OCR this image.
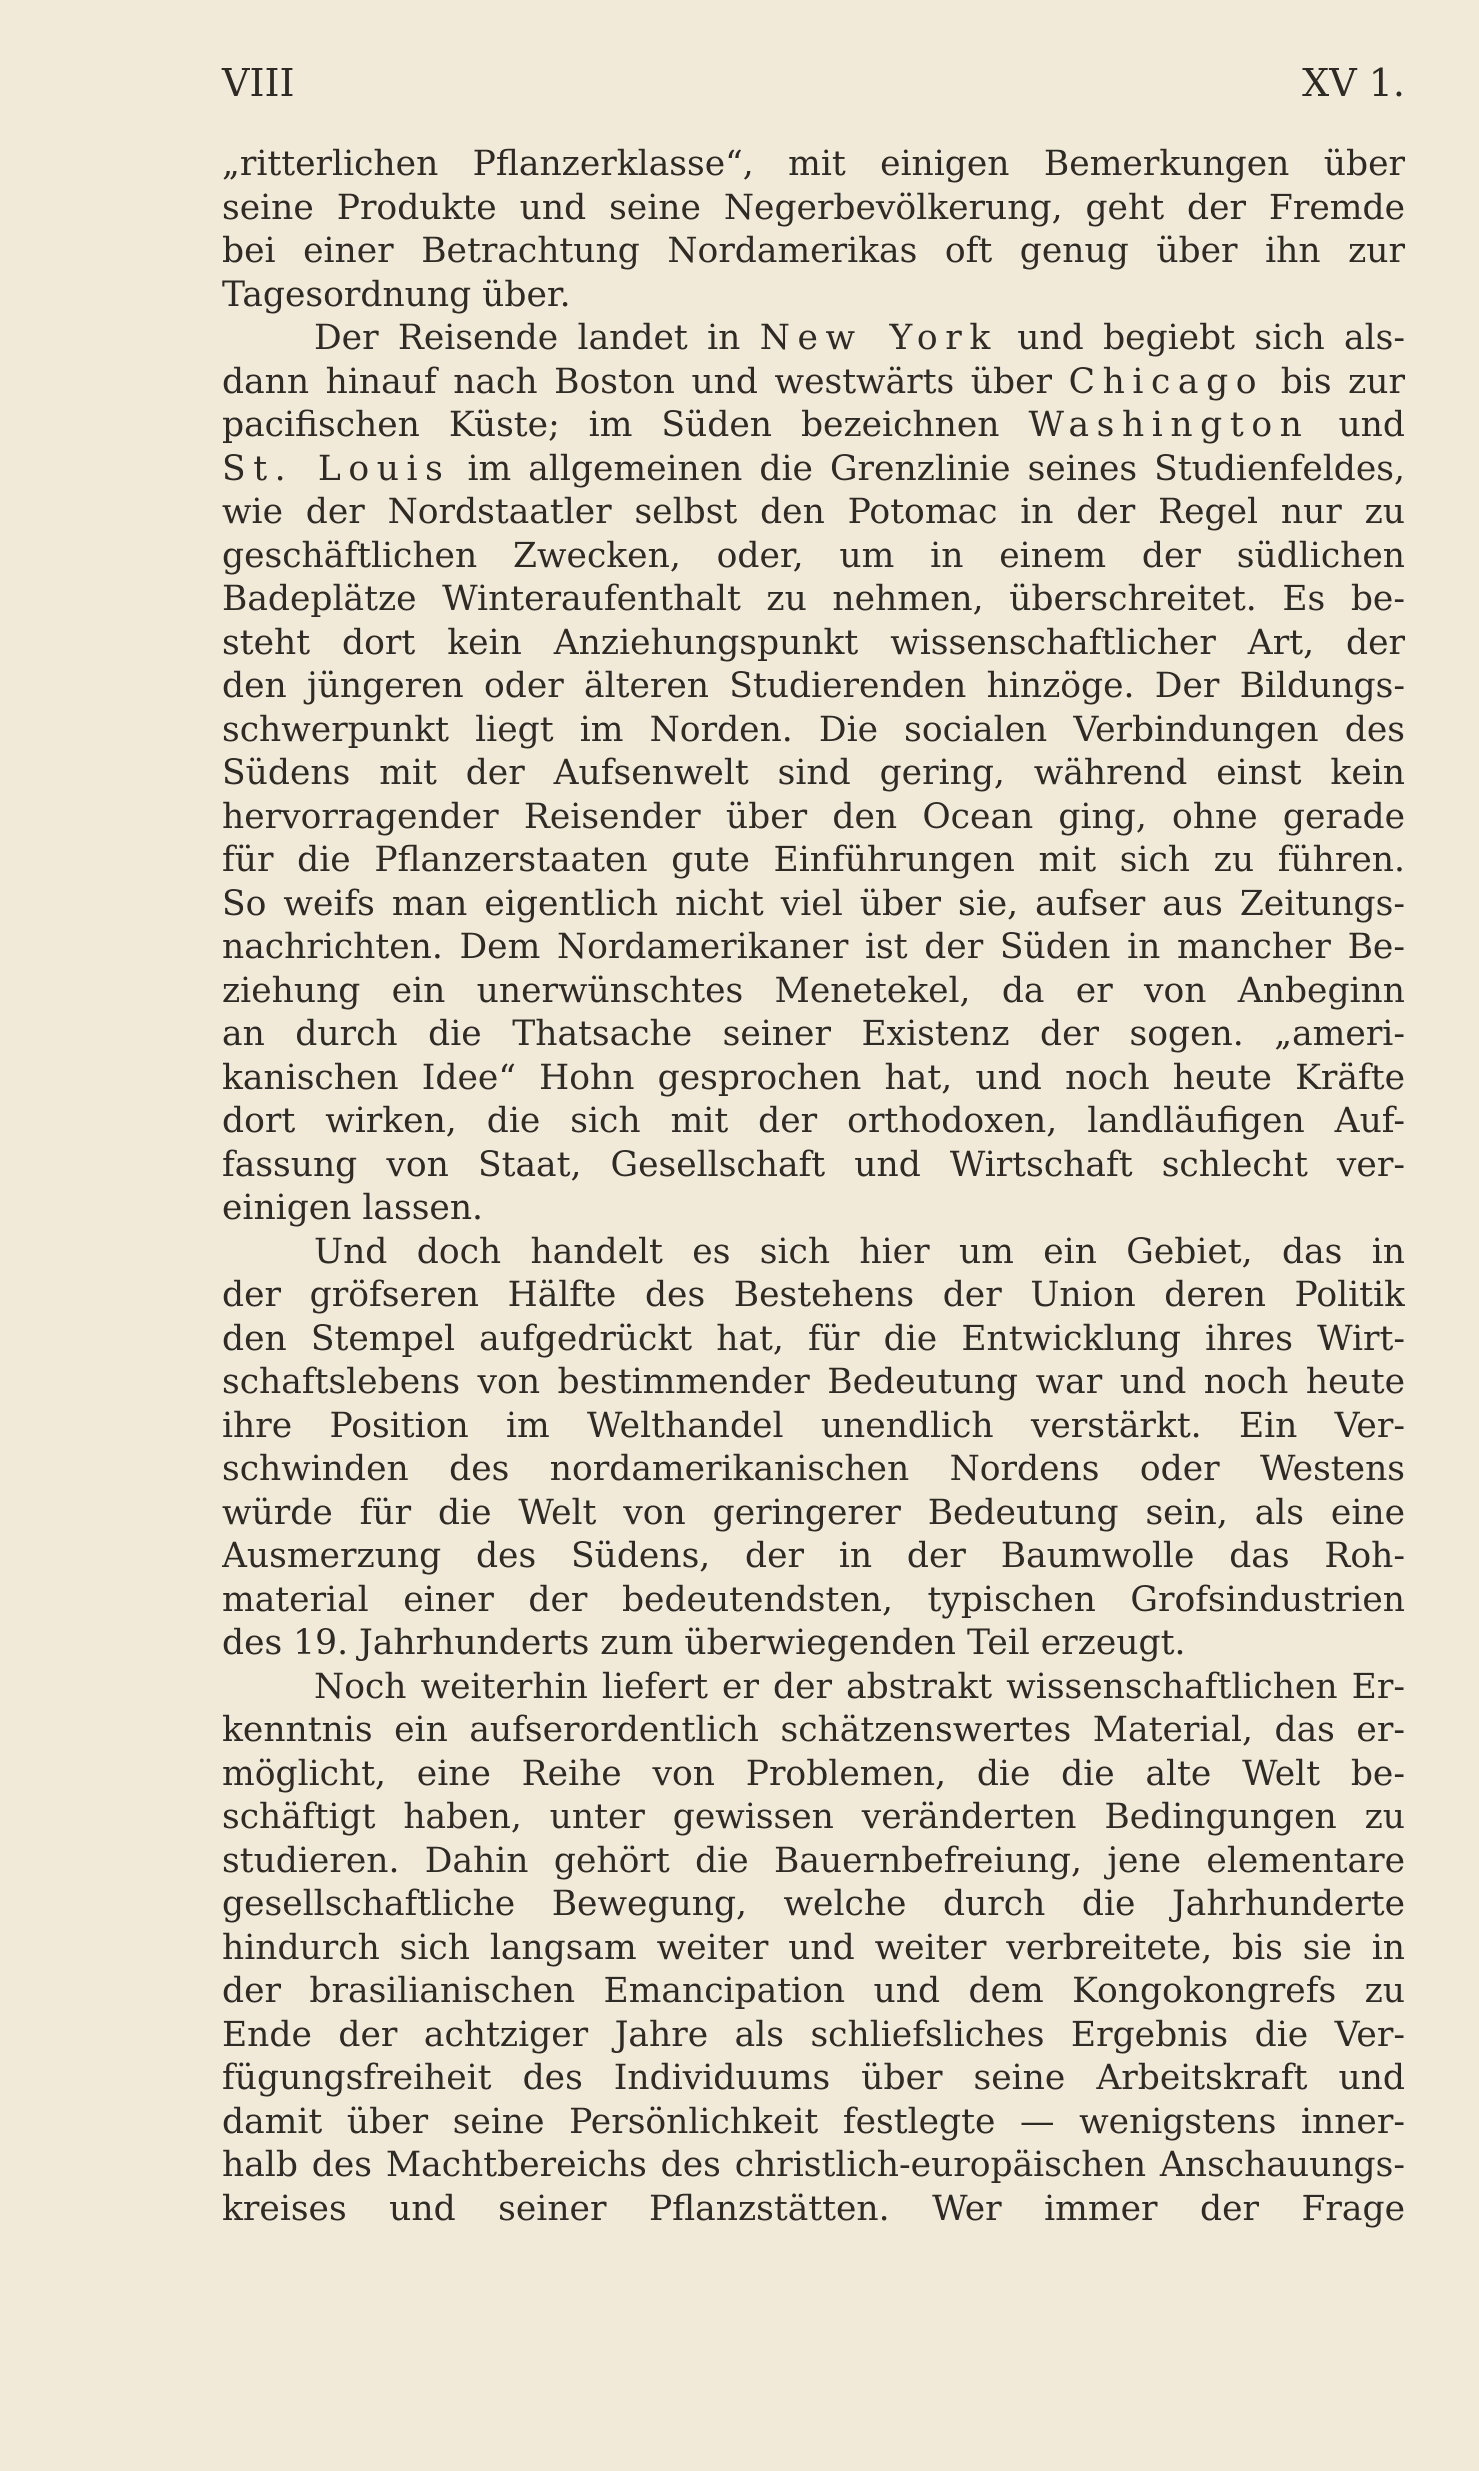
VIII	XV 1.
„ritterlichen Pflanzerklasse“, mit einigen Bemerkungen über
seine Produkte und seine Negerbevölkerung, geht der Fremde
bei einer Betrachtung Nordamerikas oft genug über ihn zur
Tagesordnung über.
Der Reisende landet in New York und begiebt sich als-
dann hinauf nach Boston und westwärts über Chicago bis zur
pacifischen Küste; im Süden bezeichnen Washington und
St. Louis im allgemeinen die Grenzlinie seines Studienfeldes,
wie der Nordstaatler selbst den Potomac in der Regel nur zu
geschäftlichen Zwecken, oder, um in einem der südlichen
Badeplätze Winteraufenthalt zu nehmen, überschreitet. Es be-
steht dort kein Anziehungspunkt wissenschaftlicher Art, der
den jüngeren oder älteren Studierenden hinzöge. Der Bildungs-
schwerpunkt liegt im Norden. Die socialen Verbindungen des
Südens mit der Aufsenwelt sind gering, während einst kein
hervorragender Reisender über den Ocean ging, ohne gerade
für die Pflanzerstaaten gute Einführungen mit sich zu führen.
So weifs man eigentlich nicht viel über sie, aufser aus Zeitungs-
nachrichten. Dem Nordamerikaner ist der Süden in mancher Be-
ziehung ein unerwünschtes Menetekel, da er von Anbeginn
an durch die Thatsache seiner Existenz der sogen. „ameri-
kanischen Idee“ Hohn gesprochen hat, und noch heute Kräfte
dort wirken, die sich mit der orthodoxen, landläufigen Auf-
fassung von Staat, Gesellschaft und Wirtschaft schlecht ver-
einigen lassen.
Und doch handelt es sich hier um ein Gebiet, das in
der gröfseren Hälfte des Bestehens der Union deren Politik
den Stempel aufgedrückt hat, für die Entwicklung ihres Wirt-
schaftslebens von bestimmender Bedeutung war und noch heute
ihre Position im Welthandel unendlich verstärkt. Ein Ver-
schwinden des nordamerikanischen Nordens oder Westens
würde für die Welt von geringerer Bedeutung sein, als eine
Ausmerzung des Südens, der in der Baumwolle das Roh-
material einer der bedeutendsten, typischen Grofsindustrien
des 19. Jahrhunderts zum überwiegenden Teil erzeugt.
Noch weiterhin liefert er der abstrakt wissenschaftlichen Er-
kenntnis ein aufserordentlich schätzenswertes Material, das er-
möglicht, eine Reihe von Problemen, die die alte Welt be-
schäftigt haben, unter gewissen veränderten Bedingungen zu
studieren. Dahin gehört die Bauernbefreiung, jene elementare
gesellschaftliche Bewegung, welche durch die Jahrhunderte
hindurch sich langsam weiter und weiter verbreitete, bis sie in
der brasilianischen Emancipation und dem Kongokongrefs zu
Ende der achtziger Jahre als schliefsliches Ergebnis die Ver-
fügungsfreiheit des Individuums über seine Arbeitskraft und
damit über seine Persönlichkeit festlegte — wenigstens inner-
halb des Machtbereichs des christlich-europäischen Anschauungs-
kreises und seiner Pflanzstätten. Wer immer der Frage
